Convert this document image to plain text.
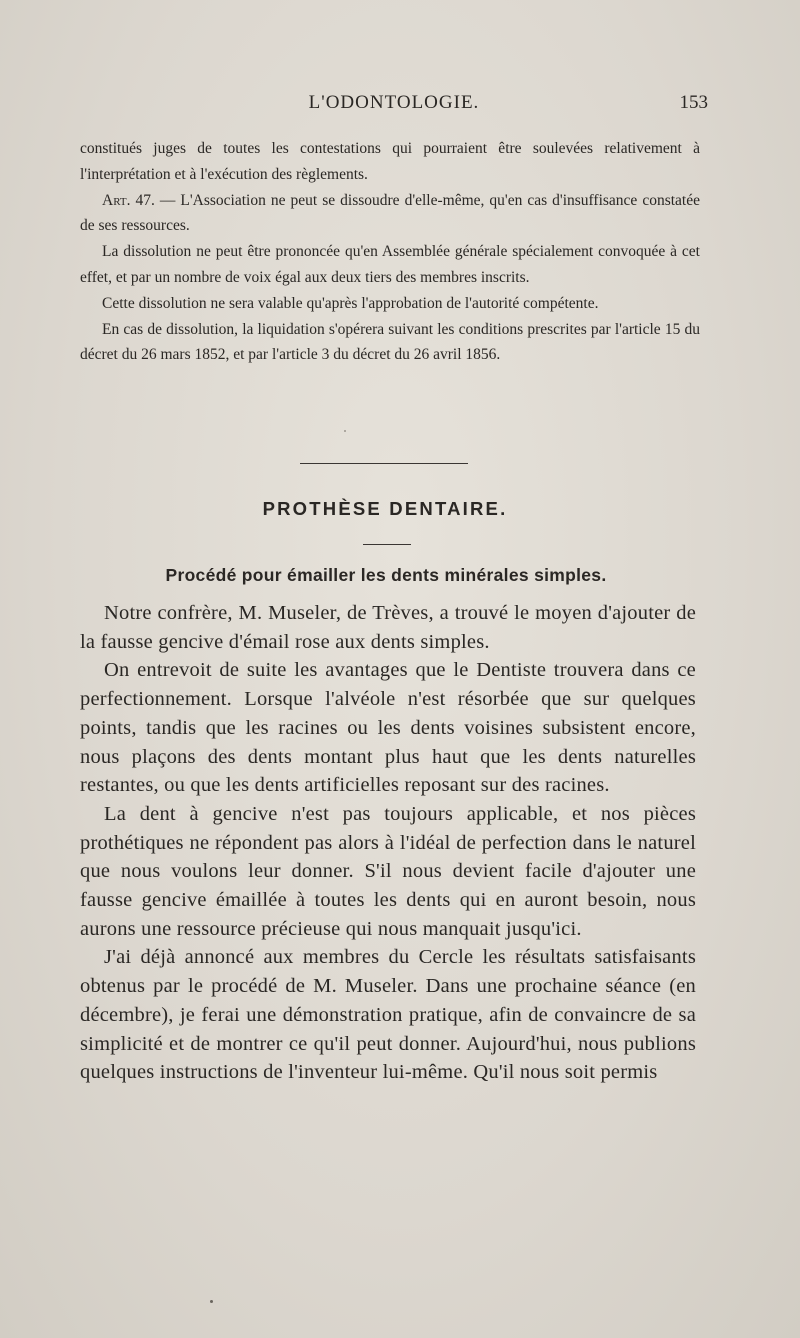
L'ODONTOLOGIE.	153

constitués juges de toutes les contestations qui pourraient être soulevées relativement à l'interprétation et à l'exécution des règlements.

Art. 47. — L'Association ne peut se dissoudre d'elle-même, qu'en cas d'insuffisance constatée de ses ressources.

La dissolution ne peut être prononcée qu'en Assemblée générale spécialement convoquée à cet effet, et par un nombre de voix égal aux deux tiers des membres inscrits.

Cette dissolution ne sera valable qu'après l'approbation de l'autorité compétente.

En cas de dissolution, la liquidation s'opérera suivant les conditions prescrites par l'article 15 du décret du 26 mars 1852, et par l'article 3 du décret du 26 avril 1856.

PROTHÈSE DENTAIRE.
Procédé pour émailler les dents minérales simples.

Notre confrère, M. Museler, de Trèves, a trouvé le moyen d'ajouter de la fausse gencive d'émail rose aux dents simples.

On entrevoit de suite les avantages que le Dentiste trouvera dans ce perfectionnement. Lorsque l'alvéole n'est résorbée que sur quelques points, tandis que les racines ou les dents voisines subsistent encore, nous plaçons des dents montant plus haut que les dents naturelles restantes, ou que les dents artificielles reposant sur des racines.

La dent à gencive n'est pas toujours applicable, et nos pièces prothétiques ne répondent pas alors à l'idéal de perfection dans le naturel que nous voulons leur donner. S'il nous devient facile d'ajouter une fausse gencive émaillée à toutes les dents qui en auront besoin, nous aurons une ressource précieuse qui nous manquait jusqu'ici.

J'ai déjà annoncé aux membres du Cercle les résultats satisfaisants obtenus par le procédé de M. Museler. Dans une prochaine séance (en décembre), je ferai une démonstration pratique, afin de convaincre de sa simplicité et de montrer ce qu'il peut donner. Aujourd'hui, nous publions quelques instructions de l'inventeur lui-même. Qu'il nous soit permis
